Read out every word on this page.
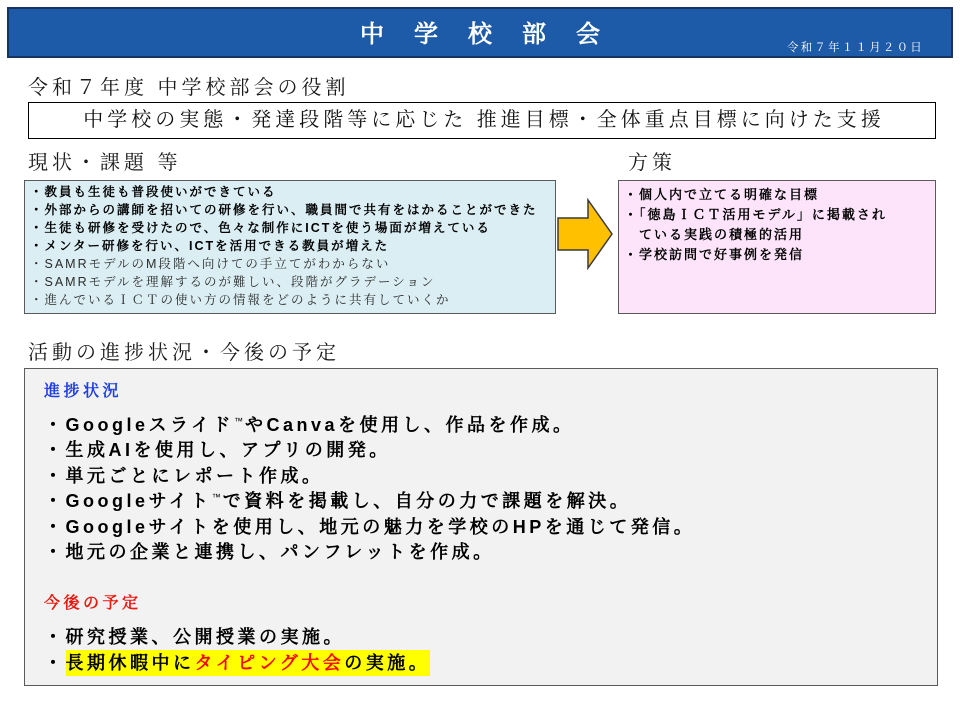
中学校部会	令和７年１１月２０日
令和７年度 中学校部会の役割
中学校の実態・発達段階等に応じた 推進目標・全体重点目標に向けた支援
現状・課題 等	方策
・教員も生徒も普段使いができている
・外部からの講師を招いての研修を行い、職員間で共有をはかることができた
・生徒も研修を受けたので、色々な制作にICTを使う場面が増えている
・メンター研修を行い、ICTを活用できる教員が増えた
・SAMRモデルのM段階へ向けての手立てがわからない
・SAMRモデルを理解するのが難しい、段階がグラデーション
・進んでいるＩＣＴの使い方の情報をどのように共有していくか
・個人内で立てる明確な目標
・「徳島ＩＣＴ活用モデル」に掲載され
ている実践の積極的活用
・学校訪問で好事例を発信
活動の進捗状況・今後の予定
進捗状況
・Googleスライド™ やCanvaを使用し、作品を作成。
・生成AIを使用し、アプリの開発。
・単元ごとにレポート作成。
・Googleサイト™ で資料を掲載し、自分の力で課題を解決。
・Googleサイトを使用し、地元の魅力を学校のHPを通じて発信。
・地元の企業と連携し、パンフレットを作成。
今後の予定
・研究授業、公開授業の実施。
・長期休暇中にタイピング大会の実施。
